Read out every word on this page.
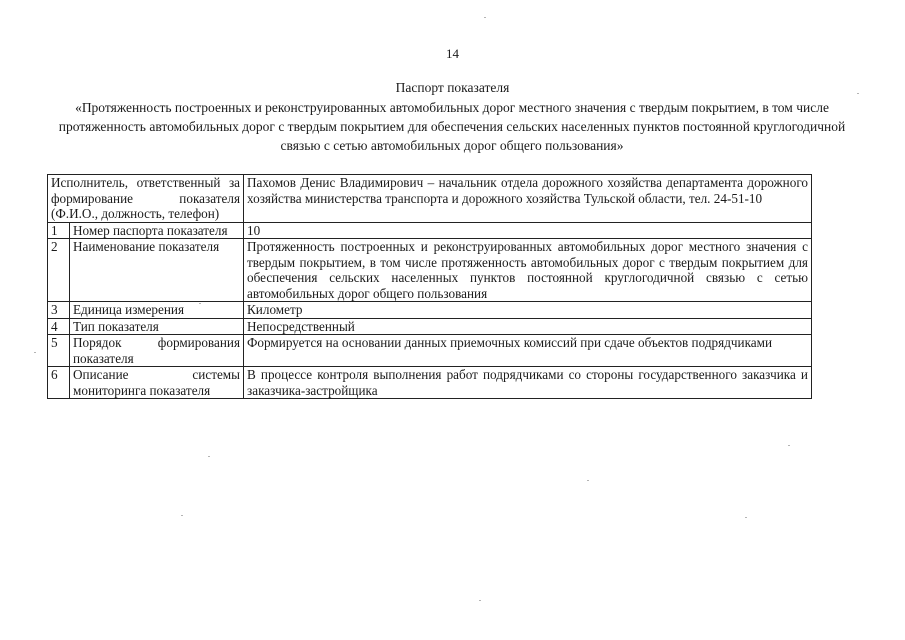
14
Паспорт показателя
«Протяженность построенных и реконструированных автомобильных дорог местного значения с твердым покрытием, в том числе протяженность автомобильных дорог с твердым покрытием для обеспечения сельских населенных пунктов постоянной круглогодичной связью с сетью автомобильных дорог общего пользования»
Исполнитель, ответственный за формирование показателя (Ф.И.О., должность, телефон)		Пахомов Денис Владимирович – начальник отдела дорожного хозяйства департамента дорожного хозяйства министерства транспорта и дорожного хозяйства Тульской области, тел. 24-51-10
1	Номер паспорта показателя	10
2	Наименование показателя	Протяженность построенных и реконструированных автомобильных дорог местного значения с твердым покрытием, в том числе протяженность автомобильных дорог с твердым покрытием для обеспечения сельских населенных пунктов постоянной круглогодичной связью с сетью автомобильных дорог общего пользования
3	Единица измерения	Километр
4	Тип показателя	Непосредственный
5	Порядок формирования показателя	Формируется на основании данных приемочных комиссий при сдаче объектов подрядчиками
6	Описание системы мониторинга показателя	В процессе контроля выполнения работ подрядчиками со стороны государственного заказчика и заказчика-застройщика
